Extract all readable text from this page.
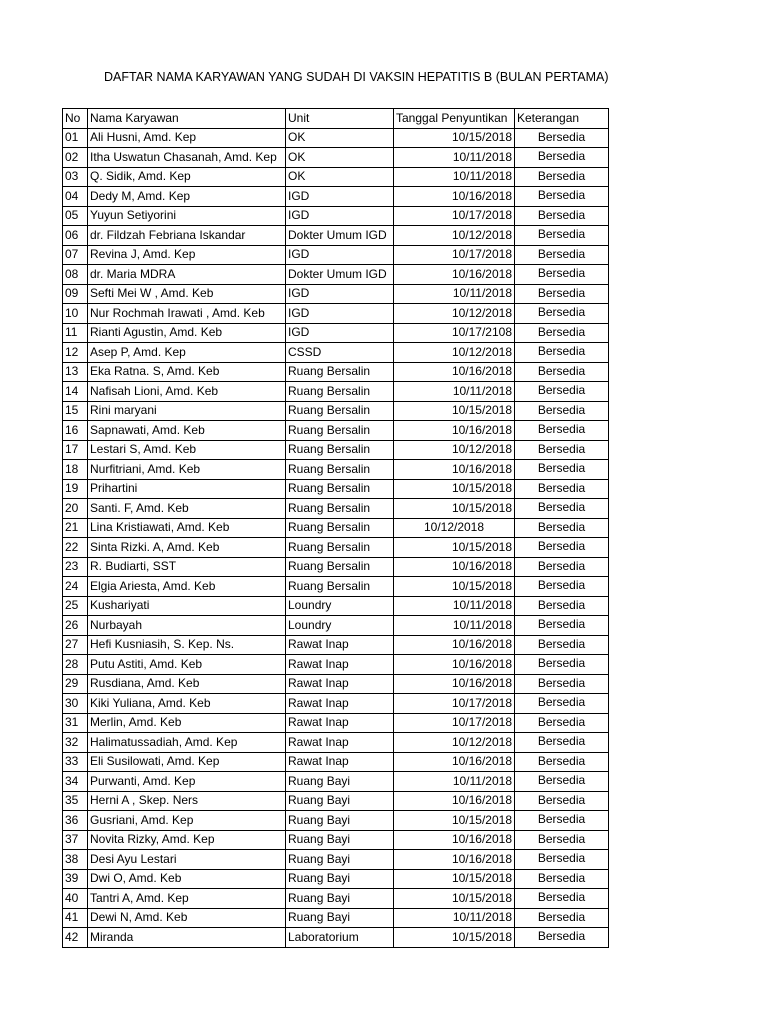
DAFTAR NAMA KARYAWAN YANG SUDAH DI VAKSIN HEPATITIS B (BULAN PERTAMA)
No	Nama Karyawan	Unit	Tanggal Penyuntikan	Keterangan
01	Ali Husni, Amd. Kep	OK	10/15/2018	Bersedia
02	Itha Uswatun Chasanah, Amd. Kep	OK	10/11/2018	Bersedia
03	Q. Sidik, Amd. Kep	OK	10/11/2018	Bersedia
04	Dedy M, Amd. Kep	IGD	10/16/2018	Bersedia
05	Yuyun Setiyorini	IGD	10/17/2018	Bersedia
06	dr. Fildzah Febriana Iskandar	Dokter Umum IGD	10/12/2018	Bersedia
07	Revina J, Amd. Kep	IGD	10/17/2018	Bersedia
08	dr. Maria MDRA	Dokter Umum IGD	10/16/2018	Bersedia
09	Sefti Mei W , Amd. Keb	IGD	10/11/2018	Bersedia
10	Nur Rochmah Irawati , Amd. Keb	IGD	10/12/2018	Bersedia
11	Rianti Agustin, Amd. Keb	IGD	10/17/2108	Bersedia
12	Asep P, Amd. Kep	CSSD	10/12/2018	Bersedia
13	Eka Ratna. S, Amd. Keb	Ruang Bersalin	10/16/2018	Bersedia
14	Nafisah Lioni, Amd. Keb	Ruang Bersalin	10/11/2018	Bersedia
15	Rini maryani	Ruang Bersalin	10/15/2018	Bersedia
16	Sapnawati, Amd. Keb	Ruang Bersalin	10/16/2018	Bersedia
17	Lestari S, Amd. Keb	Ruang Bersalin	10/12/2018	Bersedia
18	Nurfitriani, Amd. Keb	Ruang Bersalin	10/16/2018	Bersedia
19	Prihartini	Ruang Bersalin	10/15/2018	Bersedia
20	Santi. F, Amd. Keb	Ruang Bersalin	10/15/2018	Bersedia
21	Lina Kristiawati, Amd. Keb	Ruang Bersalin	10/12/2018	Bersedia
22	Sinta Rizki. A, Amd. Keb	Ruang Bersalin	10/15/2018	Bersedia
23	R. Budiarti, SST	Ruang Bersalin	10/16/2018	Bersedia
24	Elgia Ariesta, Amd. Keb	Ruang Bersalin	10/15/2018	Bersedia
25	Kushariyati	Loundry	10/11/2018	Bersedia
26	Nurbayah	Loundry	10/11/2018	Bersedia
27	Hefi Kusniasih, S. Kep. Ns.	Rawat Inap	10/16/2018	Bersedia
28	Putu Astiti, Amd. Keb	Rawat Inap	10/16/2018	Bersedia
29	Rusdiana, Amd. Keb	Rawat Inap	10/16/2018	Bersedia
30	Kiki Yuliana, Amd. Keb	Rawat Inap	10/17/2018	Bersedia
31	Merlin, Amd. Keb	Rawat Inap	10/17/2018	Bersedia
32	Halimatussadiah, Amd. Kep	Rawat Inap	10/12/2018	Bersedia
33	Eli Susilowati, Amd. Kep	Rawat Inap	10/16/2018	Bersedia
34	Purwanti, Amd. Kep	Ruang Bayi	10/11/2018	Bersedia
35	Herni A , Skep. Ners	Ruang Bayi	10/16/2018	Bersedia
36	Gusriani, Amd. Kep	Ruang Bayi	10/15/2018	Bersedia
37	Novita Rizky, Amd. Kep	Ruang Bayi	10/16/2018	Bersedia
38	Desi Ayu Lestari	Ruang Bayi	10/16/2018	Bersedia
39	Dwi O, Amd. Keb	Ruang Bayi	10/15/2018	Bersedia
40	Tantri A, Amd. Kep	Ruang Bayi	10/15/2018	Bersedia
41	Dewi N, Amd. Keb	Ruang Bayi	10/11/2018	Bersedia
42	Miranda	Laboratorium	10/15/2018	Bersedia
